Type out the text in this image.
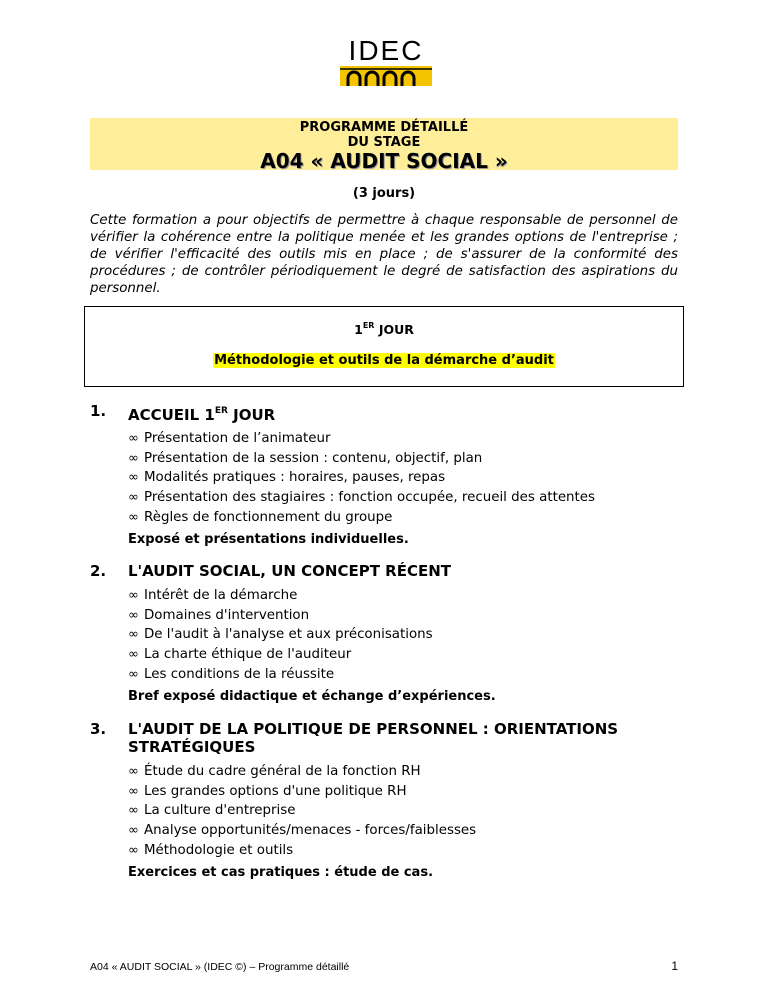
IDEC
PROGRAMME DÉTAILLÉ
DU STAGE
A04 « AUDIT SOCIAL »
(3 jours)

Cette formation a pour objectifs de permettre à chaque responsable de personnel de vérifier la cohérence entre la politique menée et les grandes options de l'entreprise ; de vérifier l'efficacité des outils mis en place ; de s'assurer de la conformité des procédures ; de contrôler périodiquement le degré de satisfaction des aspirations du personnel.

1ER JOUR
Méthodologie et outils de la démarche d’audit
1. ACCUEIL 1ER JOUR
∞ Présentation de l’animateur
∞ Présentation de la session : contenu, objectif, plan
∞ Modalités pratiques : horaires, pauses, repas
∞ Présentation des stagiaires : fonction occupée, recueil des attentes
∞ Règles de fonctionnement du groupe
Exposé et présentations individuelles.
2. L'AUDIT SOCIAL, UN CONCEPT RÉCENT
∞ Intérêt de la démarche
∞ Domaines d'intervention
∞ De l'audit à l'analyse et aux préconisations
∞ La charte éthique de l'auditeur
∞ Les conditions de la réussite
Bref exposé didactique et échange d’expériences.
3. L'AUDIT DE LA POLITIQUE DE PERSONNEL : ORIENTATIONS STRATÉGIQUES
∞ Étude du cadre général de la fonction RH
∞ Les grandes options d'une politique RH
∞ La culture d'entreprise
∞ Analyse opportunités/menaces - forces/faiblesses
∞ Méthodologie et outils
Exercices et cas pratiques : étude de cas.
A04 « AUDIT SOCIAL » (IDEC ©) – Programme détaillé	1
